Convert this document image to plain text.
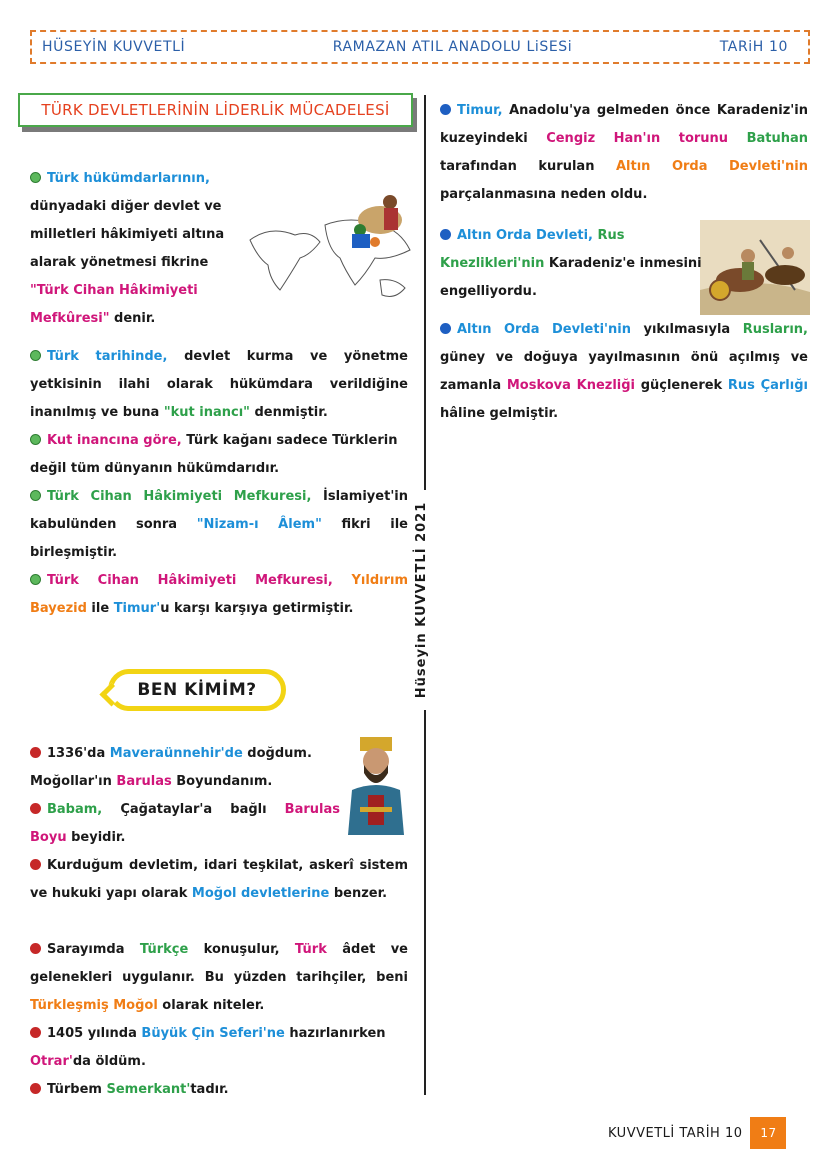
HÜSEYİN KUVVETLİ	RAMAZAN ATIL ANADOLU LiSESi	TARiH 10
TÜRK DEVLETLERİNİN LİDERLİK MÜCADELESİ
Türk hükümdarlarının, dünyadaki diğer devlet ve milletleri hâkimiyeti altına alarak yönetmesi fikrine "Türk Cihan Hâkimiyeti Mefkûresi" denir.
Türk tarihinde, devlet kurma ve yönetme yetkisinin ilahi olarak hükümdara verildiğine inanılmış ve buna "kut inancı" denmiştir.
Kut inancına göre, Türk kağanı sadece Türklerin değil tüm dünyanın hükümdarıdır.
Türk Cihan Hâkimiyeti Mefkuresi, İslamiyet'in kabulünden sonra "Nizam-ı Âlem" fikri ile birleşmiştir.
Türk Cihan Hâkimiyeti Mefkuresi, Yıldırım Bayezid ile Timur'u karşı karşıya getirmiştir.
BEN KİMİM?
1336'da Maveraünnehir'de doğdum.
Moğollar'ın Barulas Boyundanım.
Babam, Çağataylar'a bağlı Barulas Boyu beyidir.
Kurduğum devletim, idari teşkilat, askerî sistem ve hukuki yapı olarak Moğol devletlerine benzer.
Sarayımda Türkçe konuşulur, Türk âdet ve gelenekleri uygulanır. Bu yüzden tarihçiler, beni Türkleşmiş Moğol olarak niteler.
1405 yılında Büyük Çin Seferi'ne hazırlanırken
Otrar'da öldüm.
Türbem Semerkant'tadır.
Hüseyin KUVVETLİ 2021
Timur, Anadolu'ya gelmeden önce Karadeniz'in kuzeyindeki Cengiz Han'ın torunu Batuhan tarafından kurulan Altın Orda Devleti'nin parçalanmasına neden oldu.
Altın Orda Devleti, Rus Knezlikleri'nin Karadeniz'e inmesini engelliyordu.
Altın Orda Devleti'nin yıkılmasıyla Rusların, güney ve doğuya yayılmasının önü açılmış ve zamanla Moskova Knezliği güçlenerek Rus Çarlığı hâline gelmiştir.
KUVVETLİ TARİH 10	17
